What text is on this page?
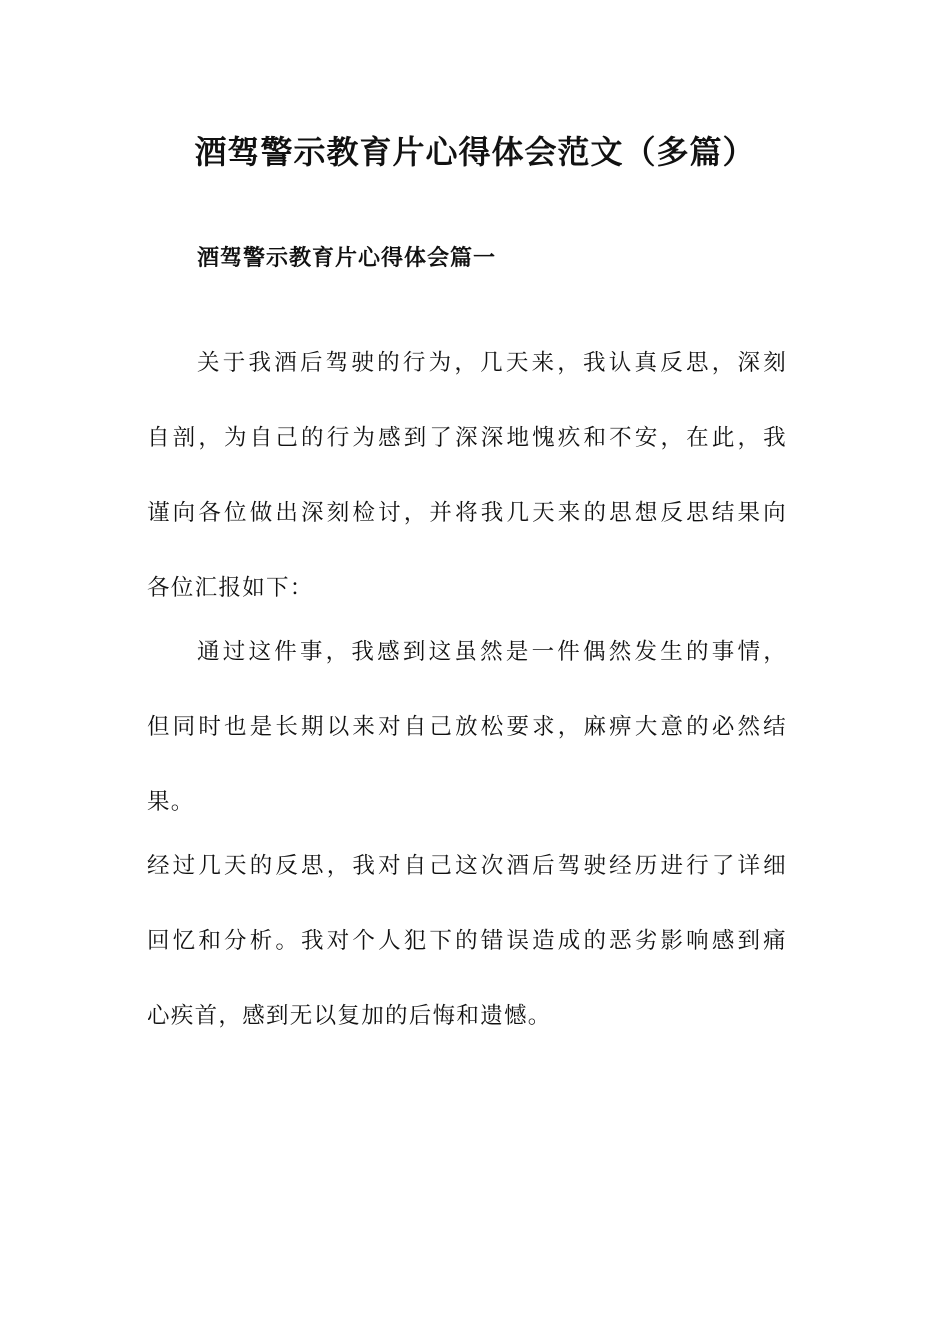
酒驾警示教育片心得体会范文（多篇）
酒驾警示教育片心得体会篇一

关于我酒后驾驶的行为，几天来，我认真反思，深刻

自剖，为自己的行为感到了深深地愧疚和不安，在此，我

谨向各位做出深刻检讨，并将我几天来的思想反思结果向

各位汇报如下：

通过这件事，我感到这虽然是一件偶然发生的事情，

但同时也是长期以来对自己放松要求，麻痹大意的必然结

果。

经过几天的反思，我对自己这次酒后驾驶经历进行了详细

回忆和分析。我对个人犯下的错误造成的恶劣影响感到痛

心疾首，感到无以复加的后悔和遗憾。
